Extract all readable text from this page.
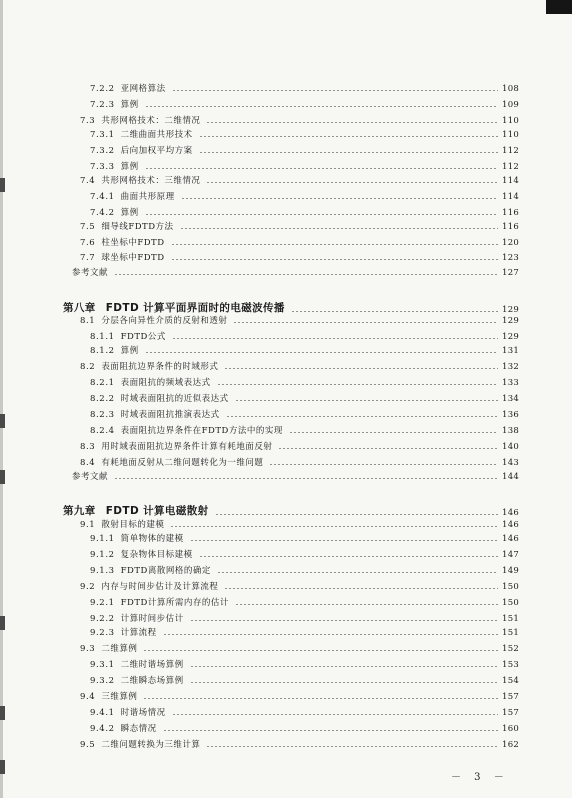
7.2.2 亚网格算法	108
7.2.3 算例	109
7.3 共形网格技术：二维情况	110
7.3.1 二维曲面共形技术	110
7.3.2 后向加权平均方案	112
7.3.3 算例	112
7.4 共形网格技术：三维情况	114
7.4.1 曲面共形原理	114
7.4.2 算例	116
7.5 细导线FDTD方法	116
7.6 柱坐标中FDTD	120
7.7 球坐标中FDTD	123
参考文献	127
第八章 FDTD 计算平面界面时的电磁波传播	129
8.1 分层各向异性介质的反射和透射	129
8.1.1 FDTD公式	129
8.1.2 算例	131
8.2 表面阻抗边界条件的时域形式	132
8.2.1 表面阻抗的频域表达式	133
8.2.2 时域表面阻抗的近似表达式	134
8.2.3 时域表面阻抗推演表达式	136
8.2.4 表面阻抗边界条件在FDTD方法中的实现	138
8.3 用时域表面阻抗边界条件计算有耗地面反射	140
8.4 有耗地面反射从二维问题转化为一维问题	143
参考文献	144
第九章 FDTD 计算电磁散射	146
9.1 散射目标的建模	146
9.1.1 简单物体的建模	146
9.1.2 复杂物体目标建模	147
9.1.3 FDTD离散网格的确定	149
9.2 内存与时间步估计及计算流程	150
9.2.1 FDTD计算所需内存的估计	150
9.2.2 计算时间步估计	151
9.2.3 计算流程	151
9.3 二维算例	152
9.3.1 二维时谐场算例	153
9.3.2 二维瞬态场算例	154
9.4 三维算例	157
9.4.1 时谐场情况	157
9.4.2 瞬态情况	160
9.5 二维问题转换为三维计算	162
－ 3 －
